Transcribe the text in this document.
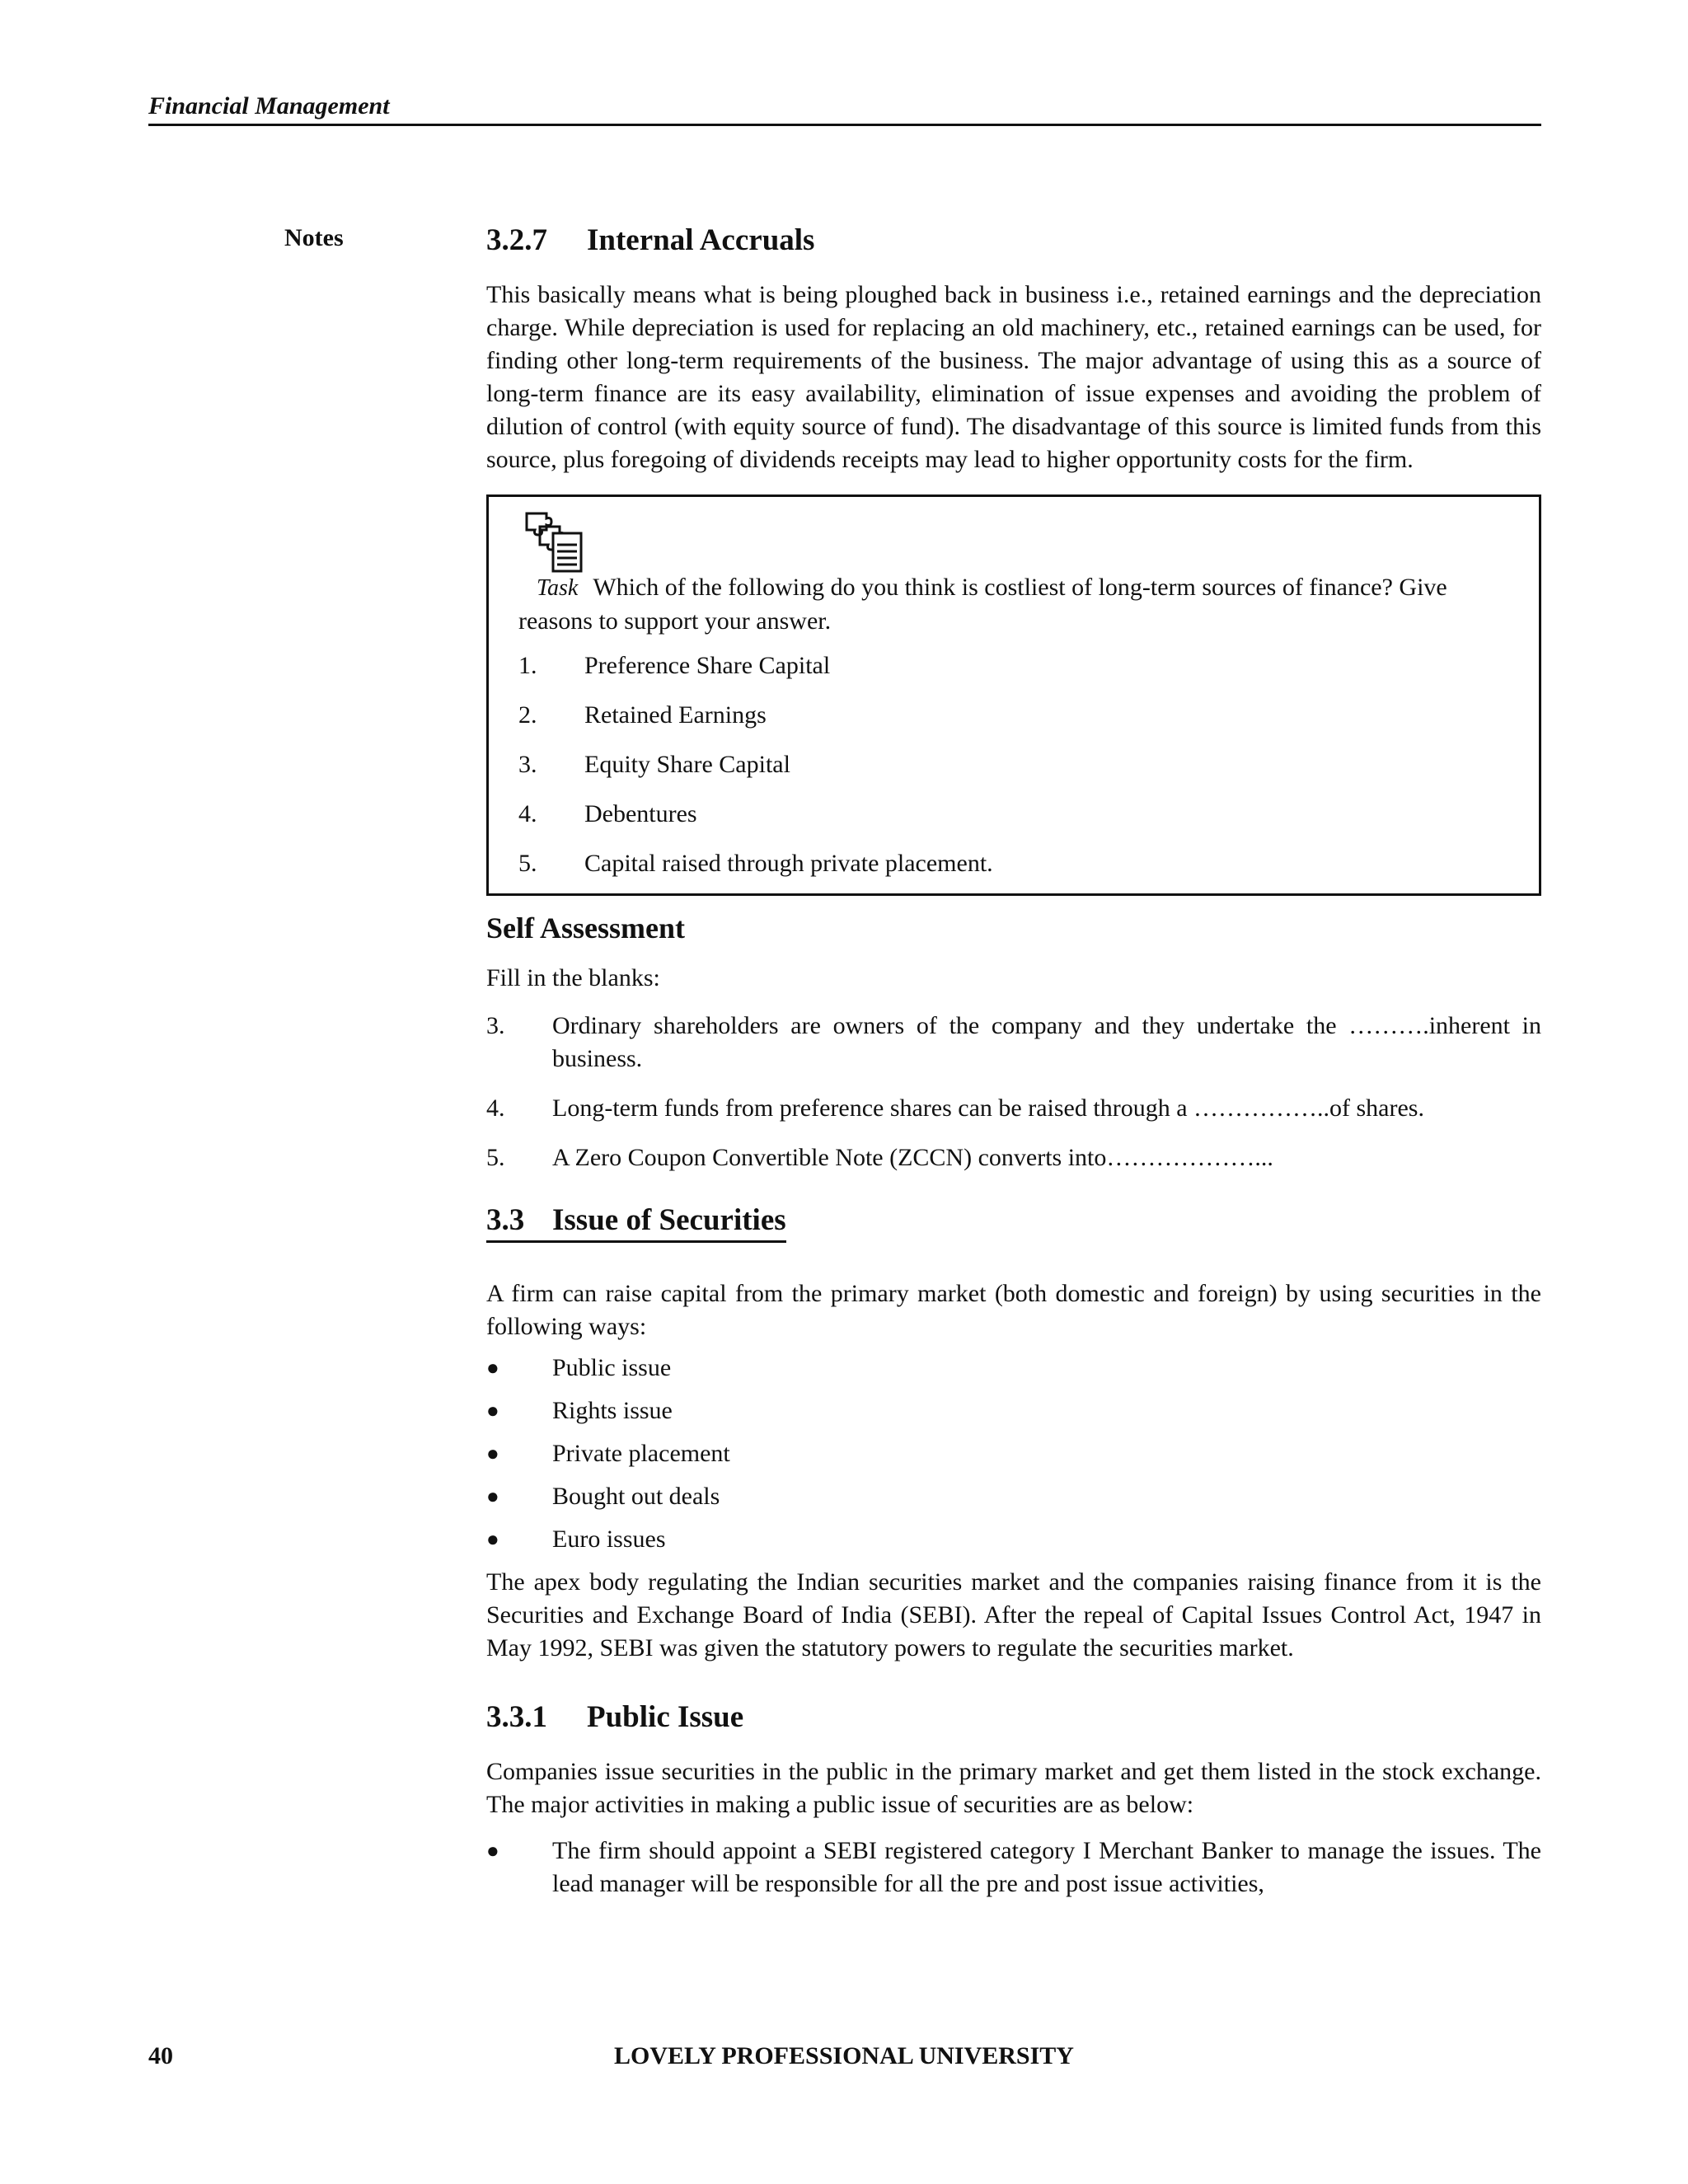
Financial Management
Notes	3.2.7 Internal Accruals

This basically means what is being ploughed back in business i.e., retained earnings and the depreciation charge. While depreciation is used for replacing an old machinery, etc., retained earnings can be used, for finding other long-term requirements of the business. The major advantage of using this as a source of long-term finance are its easy availability, elimination of issue expenses and avoiding the problem of dilution of control (with equity source of fund). The disadvantage of this source is limited funds from this source, plus foregoing of dividends receipts may lead to higher opportunity costs for the firm.

Task Which of the following do you think is costliest of long-term sources of finance? Give reasons to support your answer.
1.	Preference Share Capital
2.	Retained Earnings
3.	Equity Share Capital
4.	Debentures
5.	Capital raised through private placement.
Self Assessment

Fill in the blanks:

3.	Ordinary shareholders are owners of the company and they undertake the ……….inherent in business.
4.	Long-term funds from preference shares can be raised through a ……………..of shares.
5.	A Zero Coupon Convertible Note (ZCCN) converts into………………...
3.3 Issue of Securities

A firm can raise capital from the primary market (both domestic and foreign) by using securities in the following ways:

●	Public issue
●	Rights issue
●	Private placement
●	Bought out deals
●	Euro issues

The apex body regulating the Indian securities market and the companies raising finance from it is the Securities and Exchange Board of India (SEBI). After the repeal of Capital Issues Control Act, 1947 in May 1992, SEBI was given the statutory powers to regulate the securities market.

3.3.1 Public Issue

Companies issue securities in the public in the primary market and get them listed in the stock exchange. The major activities in making a public issue of securities are as below:

●	The firm should appoint a SEBI registered category I Merchant Banker to manage the issues. The lead manager will be responsible for all the pre and post issue activities,
40	LOVELY PROFESSIONAL UNIVERSITY
